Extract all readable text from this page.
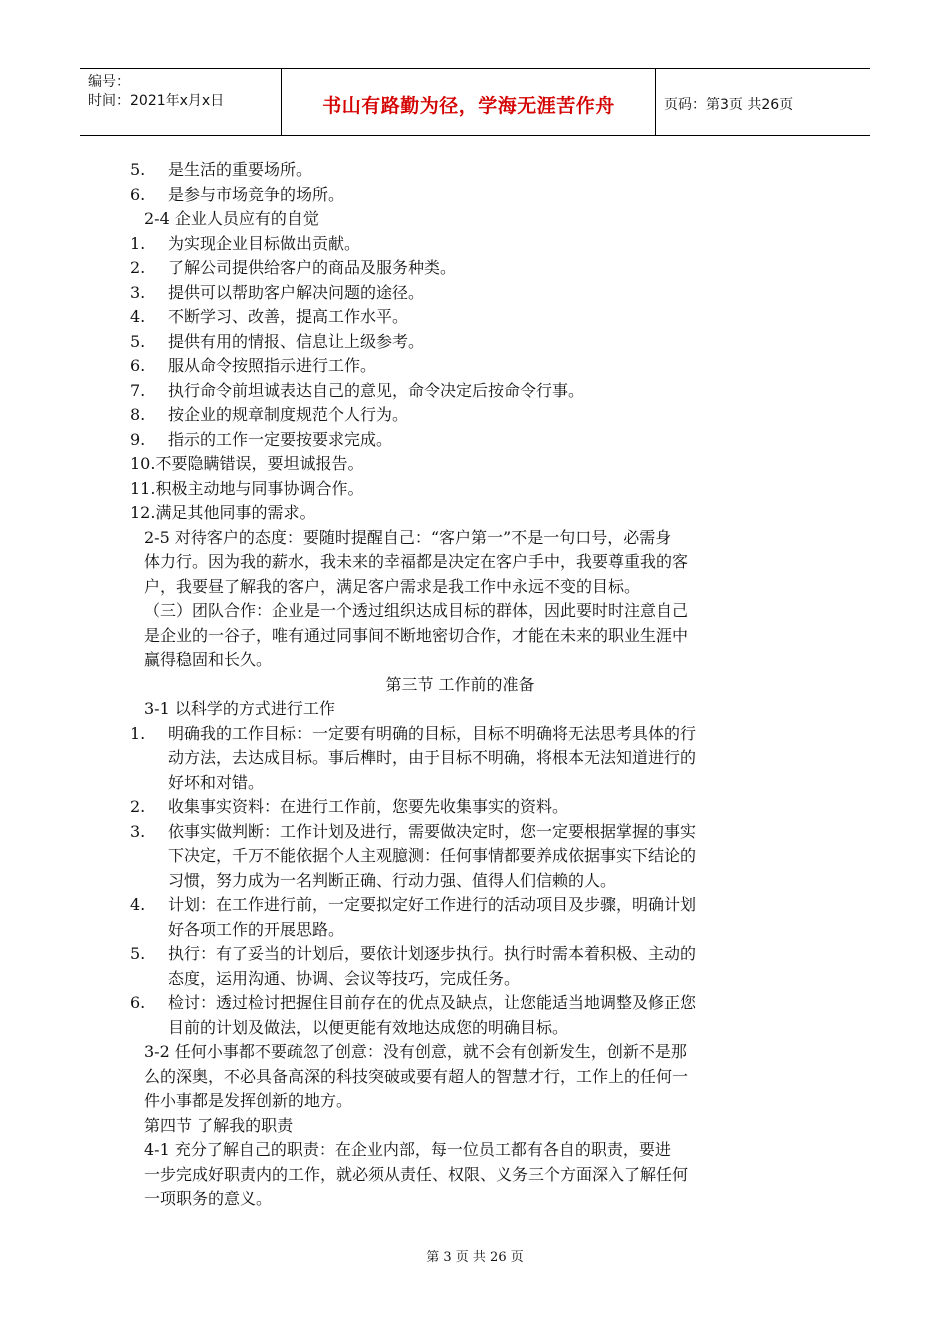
编号：
时间：2021年x月x日	书山有路勤为径，学海无涯苦作舟	页码：第3页 共26页
5.	是生活的重要场所。
6.	是参与市场竞争的场所。

2-4 企业人员应有的自觉

1.	为实现企业目标做出贡献。
2.	了解公司提供给客户的商品及服务种类。
3.	提供可以帮助客户解决问题的途径。
4.	不断学习、改善，提高工作水平。
5.	提供有用的情报、信息让上级参考。
6.	服从命令按照指示进行工作。
7.	执行命令前坦诚表达自己的意见，命令决定后按命令行事。
8.	按企业的规章制度规范个人行为。
9.	指示的工作一定要按要求完成。
10. 不要隐瞒错误，要坦诚报告。
11. 积极主动地与同事协调合作。
12. 满足其他同事的需求。

2-5 对待客户的态度：要随时提醒自己：“客户第一”不是一句口号，必需身

体力行。因为我的薪水，我未来的幸福都是决定在客户手中，我要尊重我的客

户，我要昼了解我的客户，满足客户需求是我工作中永远不变的目标。

（三）团队合作：企业是一个透过组织达成目标的群体，因此要时时注意自己

是企业的一谷子，唯有通过同事间不断地密切合作，才能在未来的职业生涯中

赢得稳固和长久。

第三节 工作前的准备

3-1 以科学的方式进行工作

1.	明确我的工作目标：一定要有明确的目标，目标不明确将无法思考具体的行

动方法，去达成目标。事后榫时，由于目标不明确，将根本无法知道进行的

好坏和对错。

2.	收集事实资料：在进行工作前，您要先收集事实的资料。

3.	依事实做判断：工作计划及进行，需要做决定时，您一定要根据掌握的事实

下决定，千万不能依据个人主观臆测：任何事情都要养成依据事实下结论的

习惯，努力成为一名判断正确、行动力强、值得人们信赖的人。

4.	计划：在工作进行前，一定要拟定好工作进行的活动项目及步骤，明确计划

好各项工作的开展思路。

5.	执行：有了妥当的计划后，要依计划逐步执行。执行时需本着积极、主动的

态度，运用沟通、协调、会议等技巧，完成任务。

6.	检讨：透过检讨把握住目前存在的优点及缺点，让您能适当地调整及修正您

目前的计划及做法，以便更能有效地达成您的明确目标。

3-2 任何小事都不要疏忽了创意：没有创意，就不会有创新发生，创新不是那

么的深奥，不必具备高深的科技突破或要有超人的智慧才行，工作上的任何一

件小事都是发挥创新的地方。

第四节 了解我的职责

4-1 充分了解自己的职责：在企业内部，每一位员工都有各自的职责，要进

一步完成好职责内的工作，就必须从责任、权限、义务三个方面深入了解任何

一项职务的意义。

第 3 页 共 26 页
